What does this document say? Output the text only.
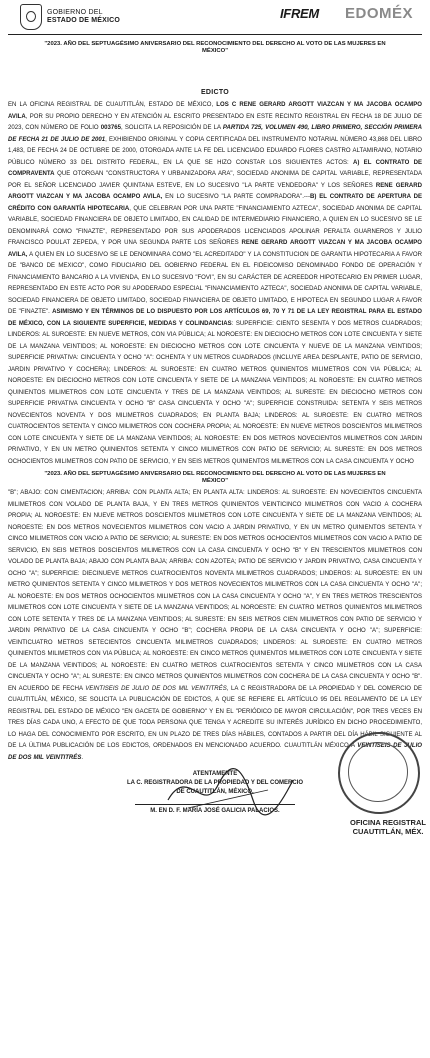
GOBIERNO DEL
ESTADO DE MÉXICO	IFREM EDOMÉX
"2023. AÑO DEL SEPTUAGÉSIMO ANIVERSARIO DEL RECONOCIMIENTO DEL DERECHO AL VOTO DE LAS MUJERES EN MÉXICO"
EDICTO
EN LA OFICINA REGISTRAL DE CUAUTITLÁN, ESTADO DE MÉXICO, LOS C RENE GERARD ARGOTT VIAZCAN Y MA JACOBA OCAMPO AVILA, POR SU PROPIO DERECHO Y EN ATENCIÓN AL ESCRITO PRESENTADO EN ESTE RECINTO REGISTRAL EN FECHA 18 DE JULIO DE 2023, CON NÚMERO DE FOLIO 003765, SOLICITA LA REPOSICIÓN DE LA PARTIDA 725, VOLUMEN 490, LIBRO PRIMERO, SECCIÓN PRIMERA DE FECHA 21 DE JULIO DE 2001, EXHIBIENDO ORIGINAL Y COPIA CERTIFICADA DEL INSTRUMENTO NOTARIAL NÚMERO 43,868 DEL LIBRO 1,483, DE FECHA 24 DE OCTUBRE DE 2000, OTORGADA ANTE LA FE DEL LICENCIADO EDUARDO FLORES CASTRO ALTAMIRANO, NOTARIO PÚBLICO NÚMERO 33 DEL DISTRITO FEDERAL, EN LA QUE SE HIZO CONSTAR LOS SIGUIENTES ACTOS: A) EL CONTRATO DE COMPRAVENTA QUE OTORGAN "CONSTRUCTORA Y URBANIZADORA ARA", SOCIEDAD ANONIMA DE CAPITAL VARIABLE, REPRESENTADA POR EL SEÑOR LICENCIADO JAVIER QUINTANA ESTEVE, EN LO SUCESIVO "LA PARTE VENDEDORA" Y LOS SEÑORES RENE GERARD ARGOTT VIAZCAN Y MA JACOBA OCAMPO AVILA, EN LO SUCESIVO "LA PARTE COMPRADORA".---B) EL CONTRATO DE APERTURA DE CRÉDITO CON GARANTÍA HIPOTECARIA, QUE CELEBRAN POR UNA PARTE "FINANCIAMIENTO AZTECA", SOCIEDAD ANONIMA DE CAPITAL VARIABLE, SOCIEDAD FINANCIERA DE OBJETO LIMITADO, EN CALIDAD DE INTERMEDIARIO FINANCIERO, A QUIEN EN LO SUCESIVO SE LE DENOMINARÁ COMO "FINAZTE", REPRESENTADO POR SUS APODERADOS LICENCIADOS APOLINAR PERALTA GUARNEROS Y JULIO FRANCISCO POULAT ZEPEDA, Y POR UNA SEGUNDA PARTE LOS SEÑORES RENE GERARD ARGOTT VIAZCAN Y MA JACOBA OCAMPO AVILA, A QUIEN EN LO SUCESIVO SE LE DENOMINARA COMO "EL ACREDITADO" Y LA CONSTITUCION DE GARANTIA HIPOTECARIA A FAVOR DE "BANCO DE MEXICO", COMO FIDUCIARIO DEL GOBIERNO FEDERAL EN EL FIDEICOMISO DENOMINADO FONDO DE OPERACIÓN Y FINANCIAMIENTO BANCARIO A LA VIVIENDA, EN LO SUCESIVO "FOVI", EN SU CARÁCTER DE ACREEDOR HIPOTECARIO EN PRIMER LUGAR, REPRESENTADO EN ESTE ACTO POR SU APODERADO ESPECIAL "FINANCIAMIENTO AZTECA", SOCIEDAD ANONIMA DE CAPITAL VARIABLE, SOCIEDAD FINANCIERA DE OBJETO LIMITADO, SOCIEDAD FINANCIERA DE OBJETO LIMITADO, E HIPOTECA EN SEGUNDO LUGAR A FAVOR DE "FINAZTE". ASIMISMO Y EN TÉRMINOS DE LO DISPUESTO POR LOS ARTÍCULOS 69, 70 Y 71 DE LA LEY REGISTRAL PARA EL ESTADO DE MÉXICO, CON LA SIGUIENTE SUPERFICIE, MEDIDAS Y COLINDANCIAS: SUPERFICIE: CIENTO SESENTA Y DOS METROS CUADRADOS; LINDEROS: AL SUROESTE: EN NUEVE METROS, CON VIA PÚBLICA; AL NOROESTE: EN DIECIOCHO METROS CON LOTE CINCUENTA Y SIETE DE LA MANZANA VEINTIDOS; AL NOROESTE: EN DIECIOCHO METROS CON LOTE CINCUENTA Y NUEVE DE LA MANZANA VEINTIDOS; SUPERFICIE PRIVATIVA: CINCUENTA Y OCHO "A": OCHENTA Y UN METROS CUADRADOS (INCLUYE AREA DESPLANTE, PATIO DE SERVICIO, JARDIN PRIVATIVO Y COCHERA); LINDEROS: AL SUROESTE: EN CUATRO METROS QUINIENTOS MILIMETROS CON VIA PÚBLICA; AL NOROESTE: EN DIECIOCHO METROS CON LOTE CINCUENTA Y SIETE DE LA MANZANA VEINTIDOS; AL NOROESTE: EN CUATRO METROS QUINIENTOS MILIMETROS CON LOTE CINCUENTA Y TRES DE LA MANZANA VEINTIDOS; AL SURESTE: EN DIECIOCHO METROS CON SUPERFICIE PRIVATIVA CINCUENTA Y OCHO "B" CASA CINCUENTA Y OCHO "A"; SUPERFICIE CONSTRUIDA: SETENTA Y SEIS METROS NOVECIENTOS NOVENTA Y DOS MILIMETROS CUADRADOS; EN PLANTA BAJA; LINDEROS: AL SUROESTE: EN CUATRO METROS CUATROCIENTOS SETENTA Y CINCO MILIMETROS CON COCHERA PROPIA; AL NOROESTE: EN NUEVE METROS DOSCIENTOS MILIMETROS CON LOTE CINCUENTA Y SIETE DE LA MANZANA VEINTIDOS; AL NOROESTE: EN DOS METROS NOVECIENTOS MILIMETROS CON JARDIN PRIVATIVO, Y EN UN METRO QUINIENTOS SETENTA Y CINCO MILIMETROS CON PATIO DE SERVICIO; AL SURESTE: EN DOS METROS OCHOCIENTOS MILIMETROS CON PATIO DE SERVICIO, Y EN SEIS METROS QUINIENTOS MILIMETROS CON LA CASA CINCUENTA Y OCHO
"2023. AÑO DEL SEPTUAGÉSIMO ANIVERSARIO DEL RECONOCIMIENTO DEL DERECHO AL VOTO DE LAS MUJERES EN MÉXICO"
"B"; ABAJO: CON CIMENTACION; ARRIBA: CON PLANTA ALTA; EN PLANTA ALTA: LINDEROS: AL SUROESTE: EN NOVECIENTOS CINCUENTA MILIMETROS CON VOLADO DE PLANTA BAJA, Y EN TRES METROS QUINIENTOS VEINTICINCO MILIMETROS CON VACIO A COCHERA PROPIA; AL NOROESTE: EN NUEVE METROS DOSCIENTOS MILIMETROS CON LOTE CINCUENTA Y SIETE DE LA MANZANA VEINTIDOS; AL NOROESTE: EN DOS METROS NOVECIENTOS MILIMETROS CON VACIO A JARDIN PRIVATIVO, Y EN UN METRO QUINIENTOS SETENTA Y CINCO MILIMETROS CON VACIO A PATIO DE SERVICIO; AL SURESTE: EN DOS METROS OCHOCIENTOS MILIMETROS CON VACIO A PATIO DE SERVICIO, EN SEIS METROS DOSCIENTOS MILIMETROS CON LA CASA CINCUENTA Y OCHO "B" Y EN TRESCIENTOS MILIMETROS CON VOLADO DE PLANTA BAJA; ABAJO CON PLANTA BAJA; ARRIBA: CON AZOTEA; PATIO DE SERVICIO Y JARDIN PRIVATIVO, CASA CINCUENTA Y OCHO "A"; SUPERFICIE: DIECINUEVE METROS CUATROCIENTOS NOVENTA MILIMETROS CUADRADOS; LINDEROS: AL SUROESTE: EN UN METRO QUINIENTOS SETENTA Y CINCO MILIMETROS Y DOS METROS NOVECIENTOS MILIMETROS CON LA CASA CINCUENTA Y OCHO "A"; AL NOROESTE: EN DOS METROS OCHOCIENTOS MILIMETROS CON LA CASA CINCUENTA Y OCHO "A", Y EN TRES METROS TRESCIENTOS MILIMETROS CON LOTE CINCUENTA Y SIETE DE LA MANZANA VEINTIDOS; AL NOROESTE: EN CUATRO METROS QUINIENTOS MILIMETROS CON LOTE SETENTA Y TRES DE LA MANZANA VEINTIDOS; AL SURESTE: EN SEIS METROS CIEN MILIMETROS CON PATIO DE SERVICIO Y JARDIN PRIVATIVO DE LA CASA CINCUENTA Y OCHO "B"; COCHERA PROPIA DE LA CASA CINCUENTA Y OCHO "A"; SUPERFICIE: VEINTICUATRO METROS SETECIENTOS CINCUENTA MILIMETROS CUADRADOS; LINDEROS: AL SUROESTE: EN CUATRO METROS QUINIENTOS MILIMETROS CON VIA PÚBLICA; AL NOROESTE: EN CINCO METROS QUINIENTOS MILIMETROS CON LOTE CINCUENTA Y SIETE DE LA MANZANA VEINTIDOS; AL NOROESTE: EN CUATRO METROS CUATROCIENTOS SETENTA Y CINCO MILIMETROS CON LA CASA CINCUENTA Y OCHO "A"; AL SURESTE: EN CINCO METROS QUINIENTOS MILIMETROS CON COCHERA DE LA CASA CINCUENTA Y OCHO "B". EN ACUERDO DE FECHA VEINTISEIS DE JULIO DE DOS MIL VEINTITRÉS, LA C REGISTRADORA DE LA PROPIEDAD Y DEL COMERCIO DE CUAUTITLÁN, MÉXICO, SE SOLICITA LA PUBLICACIÓN DE EDICTOS, A QUE SE REFIERE EL ARTÍCULO 95 DEL REGLAMENTO DE LA LEY REGISTRAL DEL ESTADO DE MÉXICO "EN GACETA DE GOBIERNO" Y EN EL "PERIÓDICO DE MAYOR CIRCULACIÓN", POR TRES VECES EN TRES DÍAS CADA UNO, A EFECTO DE QUE TODA PERSONA QUE TENGA Y ACREDITE SU INTERÉS JURÍDICO EN DICHO PROCEDIMIENTO, LO HAGA DEL CONOCIMIENTO POR ESCRITO, EN UN PLAZO DE TRES DÍAS HÁBILES, CONTADOS A PARTIR DEL DÍA HÁBIL SIGUIENTE AL DE LA ÚLTIMA PUBLICACIÓN DE LOS EDICTOS, ORDENADOS EN MENCIONADO ACUERDO. CUAUTITLÁN MÉXICO A VEINTISEIS DE JULIO DE DOS MIL VEINTITRÉS.
ATENTAMENTE
LA C. REGISTRADORA DE LA PROPIEDAD Y DEL COMERCIO
DE CUAUTITLÁN, MÉXICO.
M. EN D. F. MARÍA JOSÉ GALICIA PALACIOS.
OFICINA REGISTRAL
CUAUTITLÁN, MÉX.
